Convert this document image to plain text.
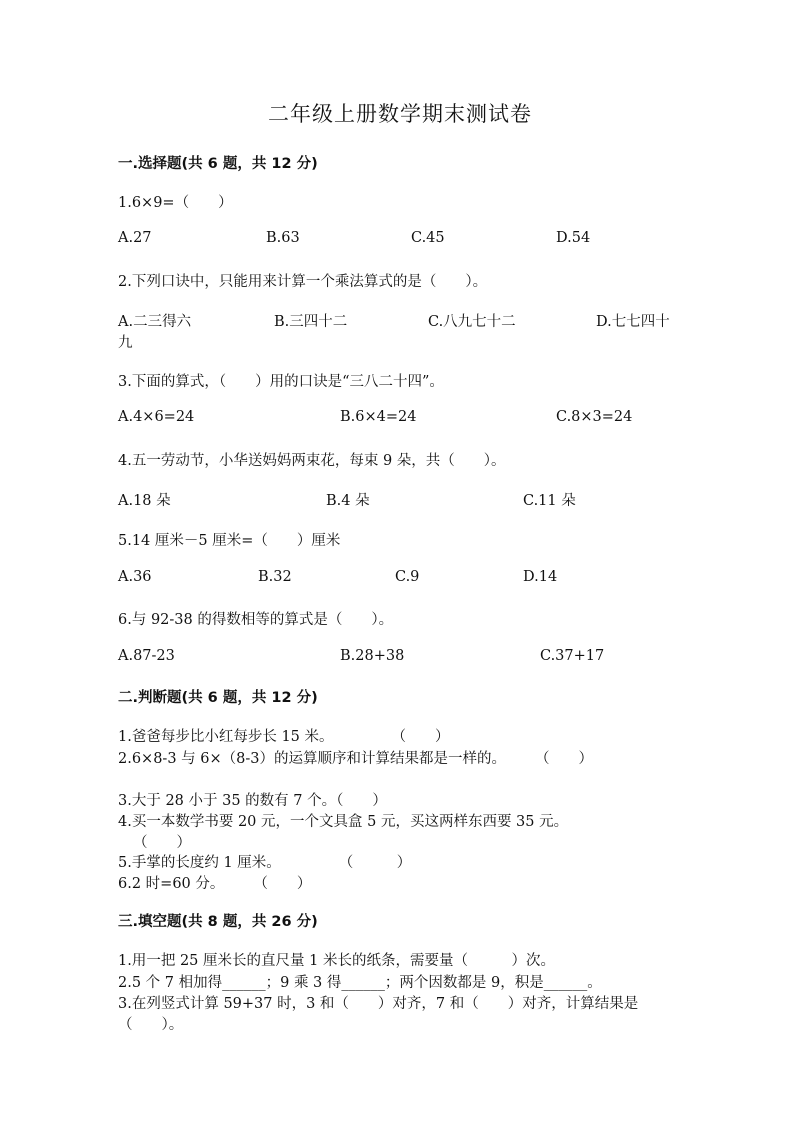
二年级上册数学期末测试卷
一.选择题(共 6 题，共 12 分)
1.6×9=（　　）
A.27	B.63	C.45	D.54
2.下列口诀中，只能用来计算一个乘法算式的是（　　）。
A.二三得六	B.三四十二	C.八九七十二	D.七七四十
九
3.下面的算式，（　　）用的口诀是“三八二十四”。
A.4×6=24	B.6×4=24	C.8×3=24
4.五一劳动节，小华送妈妈两束花，每束 9 朵，共（　　）。
A.18 朵	B.4 朵	C.11 朵
5.14 厘米－5 厘米=（　　）厘米
A.36	B.32	C.9	D.14
6.与 92-38 的得数相等的算式是（　　）。
A.87-23	B.28+38	C.37+17
二.判断题(共 6 题，共 12 分)
1.爸爸每步比小红每步长 15 米。　　　　　（　　）
2.6×8-3 与 6×（8-3）的运算顺序和计算结果都是一样的。　　　（　　）
3.大于 28 小于 35 的数有 7 个。（　　）
4.买一本数学书要 20 元，一个文具盒 5 元，买这两样东西要 35 元。
（　　）
5.手掌的长度约 1 厘米。　　　　　（　　　）
6.2 时=60 分。　　　（　　）
三.填空题(共 8 题，共 26 分)
1.用一把 25 厘米长的直尺量 1 米长的纸条，需要量（　　　）次。
2.5 个 7 相加得______；9 乘 3 得______；两个因数都是 9，积是______。
3.在列竖式计算 59+37 时，3 和（　　）对齐，7 和（　　）对齐，计算结果是
（　　）。
